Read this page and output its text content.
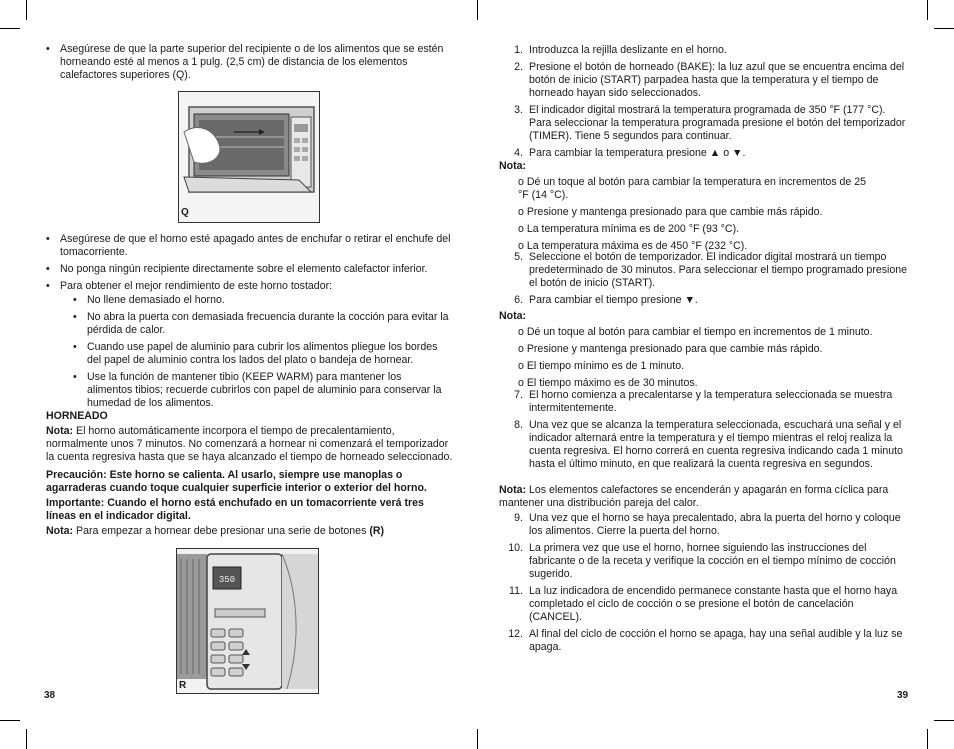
• Asegúrese de que la parte superior del recipiente o de los alimentos que se estén horneando esté al menos a 1 pulg. (2,5 cm) de distancia de los elementos calefactores superiores (Q).
Q
• Asegúrese de que el horno esté apagado antes de enchufar o retirar el enchufe del tomacorriente.
• No ponga ningún recipiente directamente sobre el elemento calefactor inferior.
• Para obtener el mejor rendimiento de este horno tostador:
• No llene demasiado el horno.
• No abra la puerta con demasiada frecuencia durante la cocción para evitar la pérdida de calor.
• Cuando use papel de aluminio para cubrir los alimentos pliegue los bordes del papel de aluminio contra los lados del plato o bandeja de hornear.
• Use la función de mantener tibio (KEEP WARM) para mantener los alimentos tibios; recuerde cubrirlos con papel de aluminio para conservar la humedad de los alimentos.
HORNEADO
Nota: El horno automáticamente incorpora el tiempo de precalentamiento, normalmente unos 7 minutos. No comenzará a hornear ni comenzará el temporizador la cuenta regresiva hasta que se haya alcanzado el tiempo de horneado seleccionado.
Precaución: Este horno se calienta. Al usarlo, siempre use manoplas o agarraderas cuando toque cualquier superficie interior o exterior del horno.
Importante: Cuando el horno está enchufado en un tomacorriente verá tres líneas en el indicador digital.
Nota: Para empezar a hornear debe presionar una serie de botones (R)
350
R
38
1. Introduzca la rejilla deslizante en el horno.
2. Presione el botón de horneado (BAKE): la luz azul que se encuentra encima del botón de inicio (START) parpadea hasta que la temperatura y el tiempo de horneado hayan sido seleccionados.
3. El indicador digital mostrará la temperatura programada de 350 °F (177 °C). Para seleccionar la temperatura programada presione el botón del temporizador (TIMER). Tiene 5 segundos para continuar.
4. Para cambiar la temperatura presione ▲ o ▼.
Nota:
o Dé un toque al botón para cambiar la temperatura en incrementos de 25 °F (14 °C).
o Presione y mantenga presionado para que cambie más rápido.
o La temperatura mínima es de 200 °F (93 °C).
o La temperatura máxima es de 450 °F (232 °C).
5. Seleccione el botón de temporizador. El indicador digital mostrará un tiempo predeterminado de 30 minutos. Para seleccionar el tiempo programado presione el botón de inicio (START).
6. Para cambiar el tiempo presione ▼.
Nota:
o Dé un toque al botón para cambiar el tiempo en incrementos de 1 minuto.
o Presione y mantenga presionado para que cambie más rápido.
o El tiempo mínimo es de 1 minuto.
o El tiempo máximo es de 30 minutos.
7. El horno comienza a precalentarse y la temperatura seleccionada se muestra intermitentemente.
8. Una vez que se alcanza la temperatura seleccionada, escuchará una señal y el indicador alternará entre la temperatura y el tiempo mientras el reloj realiza la cuenta regresiva. El horno correrá en cuenta regresiva indicando cada 1 minuto hasta el último minuto, en que realizará la cuenta regresiva en segundos.
Nota: Los elementos calefactores se encenderán y apagarán en forma cíclica para mantener una distribución pareja del calor.
9. Una vez que el horno se haya precalentado, abra la puerta del horno y coloque los alimentos. Cierre la puerta del horno.
10. La primera vez que use el horno, hornee siguiendo las instrucciones del fabricante o de la receta y verifique la cocción en el tiempo mínimo de cocción sugerido.
11. La luz indicadora de encendido permanece constante hasta que el horno haya completado el ciclo de cocción o se presione el botón de cancelación (CANCEL).
12. Al final del ciclo de cocción el horno se apaga, hay una señal audible y la luz se apaga.
39
